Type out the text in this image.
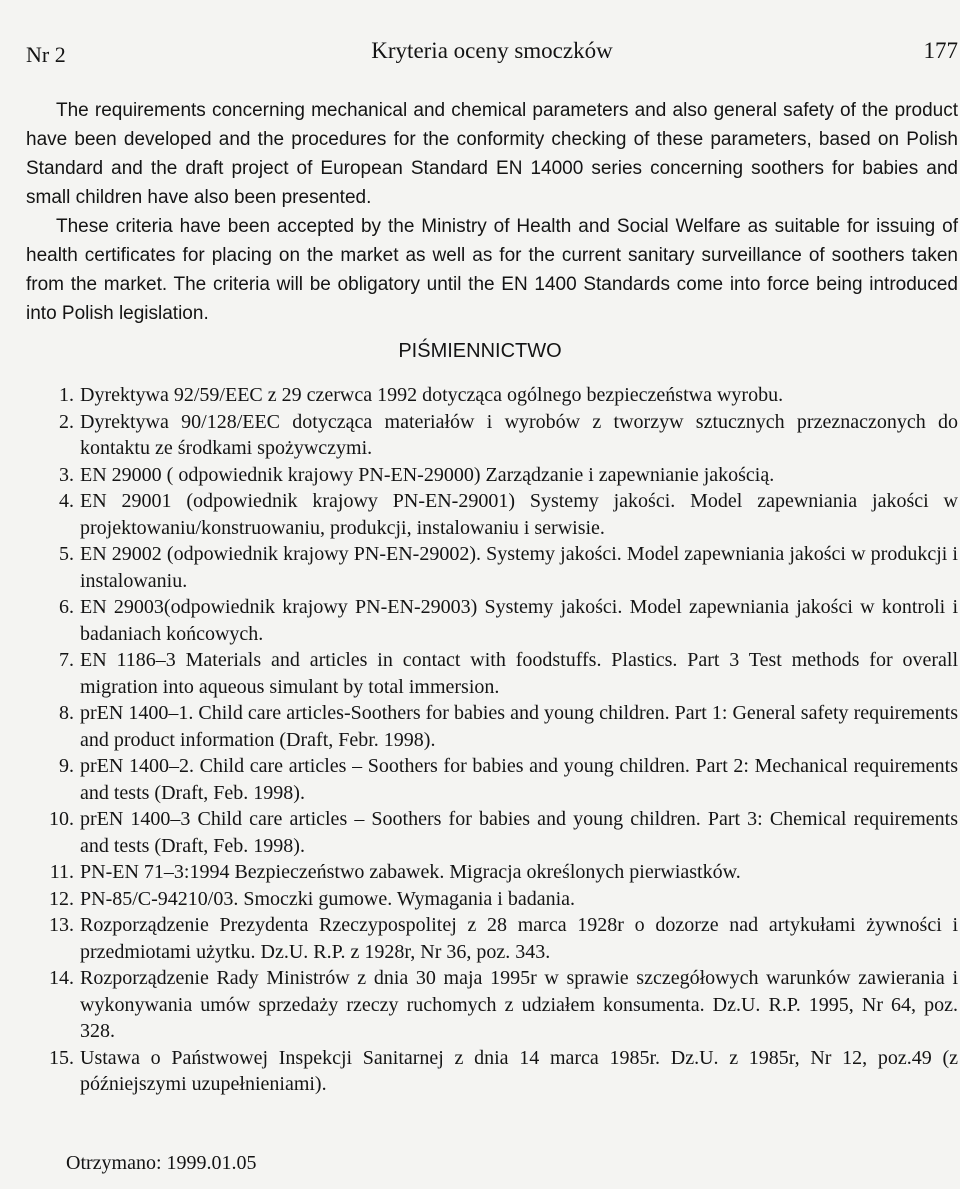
Nr 2	Kryteria oceny smoczków	177

The requirements concerning mechanical and chemical parameters and also general safety of the product have been developed and the procedures for the conformity checking of these parameters, based on Polish Standard and the draft project of European Standard EN 14000 series concerning soothers for babies and small children have also been presented.

These criteria have been accepted by the Ministry of Health and Social Welfare as suitable for issuing of health certificates for placing on the market as well as for the current sanitary surveillance of soothers taken from the market. The criteria will be obligatory until the EN 1400 Standards come into force being introduced into Polish legislation.

PIŚMIENNICTWO
1. Dyrektywa 92/59/EEC z 29 czerwca 1992 dotycząca ogólnego bezpieczeństwa wyrobu.
2. Dyrektywa 90/128/EEC dotycząca materiałów i wyrobów z tworzyw sztucznych przeznaczonych do kontaktu ze środkami spożywczymi.
3. EN 29000 ( odpowiednik krajowy PN-EN-29000) Zarządzanie i zapewnianie jakością.
4. EN 29001 (odpowiednik krajowy PN-EN-29001) Systemy jakości. Model zapewniania jakości w projektowaniu/konstruowaniu, produkcji, instalowaniu i serwisie.
5. EN 29002 (odpowiednik krajowy PN-EN-29002). Systemy jakości. Model zapewniania jakości w produkcji i instalowaniu.
6. EN 29003(odpowiednik krajowy PN-EN-29003) Systemy jakości. Model zapewniania jakości w kontroli i badaniach końcowych.
7. EN 1186–3 Materials and articles in contact with foodstuffs. Plastics. Part 3 Test methods for overall migration into aqueous simulant by total immersion.
8. prEN 1400–1. Child care articles-Soothers for babies and young children. Part 1: General safety requirements and product information (Draft, Febr. 1998).
9. prEN 1400–2. Child care articles – Soothers for babies and young children. Part 2: Mechanical requirements and tests (Draft, Feb. 1998).
10. prEN 1400–3 Child care articles – Soothers for babies and young children. Part 3: Chemical requirements and tests (Draft, Feb. 1998).
11. PN-EN 71–3:1994 Bezpieczeństwo zabawek. Migracja określonych pierwiastków.
12. PN-85/C-94210/03. Smoczki gumowe. Wymagania i badania.
13. Rozporządzenie Prezydenta Rzeczypospolitej z 28 marca 1928r o dozorze nad artykułami żywności i przedmiotami użytku. Dz.U. R.P. z 1928r, Nr 36, poz. 343.
14. Rozporządzenie Rady Ministrów z dnia 30 maja 1995r w sprawie szczegółowych warunków zawierania i wykonywania umów sprzedaży rzeczy ruchomych z udziałem konsumenta. Dz.U. R.P. 1995, Nr 64, poz. 328.
15. Ustawa o Państwowej Inspekcji Sanitarnej z dnia 14 marca 1985r. Dz.U. z 1985r, Nr 12, poz.49 (z późniejszymi uzupełnieniami).
Otrzymano: 1999.01.05
